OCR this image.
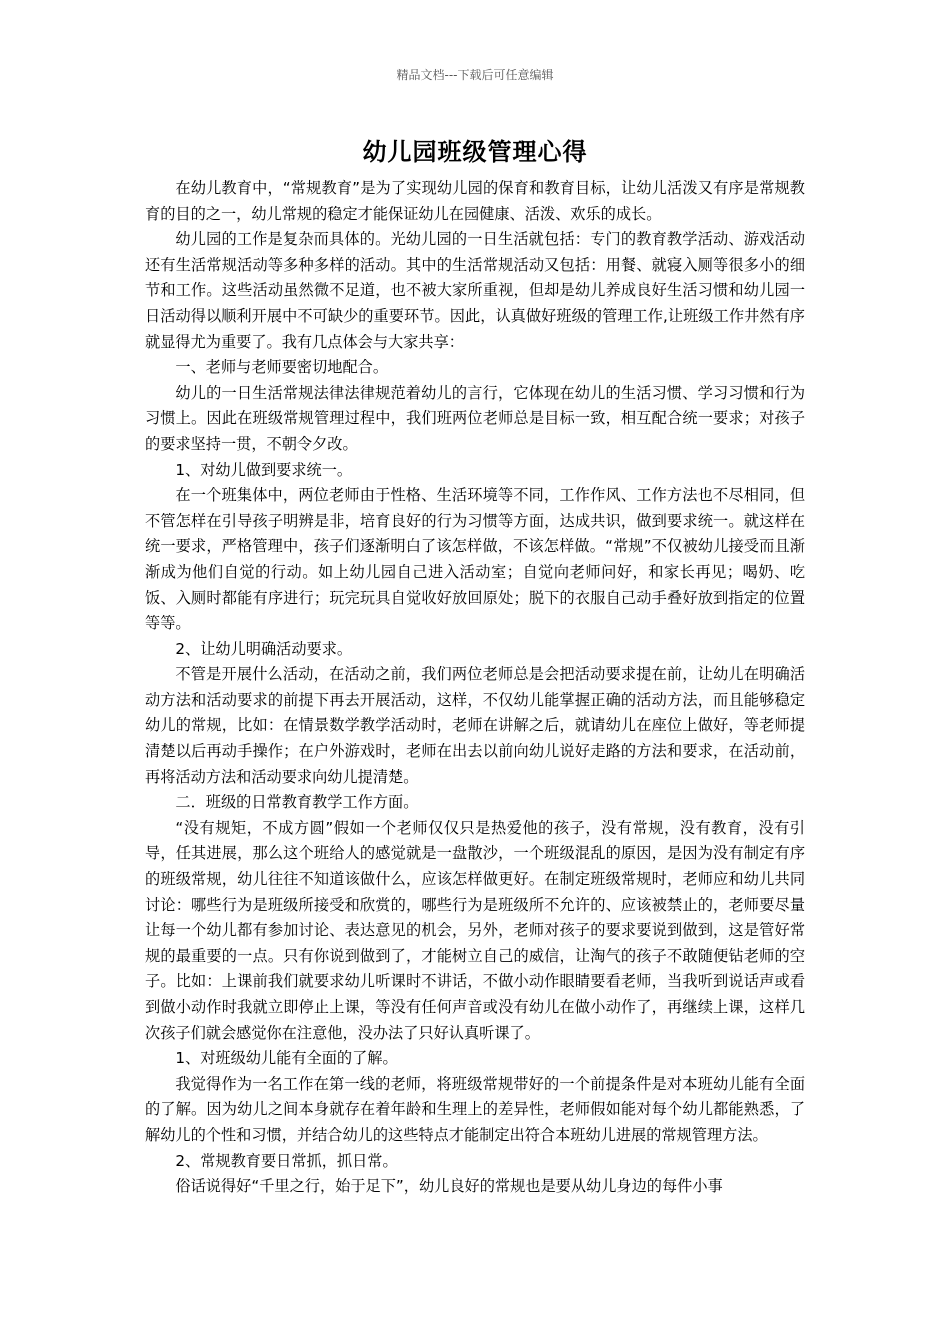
精品文档---下载后可任意编辑
幼儿园班级管理心得

在幼儿教育中，“常规教育”是为了实现幼儿园的保育和教育目标，让幼儿活泼又有序是常规教育的目的之一，幼儿常规的稳定才能保证幼儿在园健康、活泼、欢乐的成长。

幼儿园的工作是复杂而具体的。光幼儿园的一日生活就包括：专门的教育教学活动、游戏活动还有生活常规活动等多种多样的活动。其中的生活常规活动又包括：用餐、就寝入厕等很多小的细节和工作。这些活动虽然微不足道，也不被大家所重视，但却是幼儿养成良好生活习惯和幼儿园一日活动得以顺利开展中不可缺少的重要环节。因此，认真做好班级的管理工作,让班级工作井然有序就显得尤为重要了。我有几点体会与大家共享：

一、老师与老师要密切地配合。

幼儿的一日生活常规法律法律规范着幼儿的言行，它体现在幼儿的生活习惯、学习习惯和行为习惯上。因此在班级常规管理过程中，我们班两位老师总是目标一致，相互配合统一要求；对孩子的要求坚持一贯，不朝令夕改。

1、对幼儿做到要求统一。

在一个班集体中，两位老师由于性格、生活环境等不同，工作作风、工作方法也不尽相同，但不管怎样在引导孩子明辨是非，培育良好的行为习惯等方面，达成共识，做到要求统一。就这样在统一要求，严格管理中，孩子们逐渐明白了该怎样做，不该怎样做。“常规”不仅被幼儿接受而且渐渐成为他们自觉的行动。如上幼儿园自己进入活动室；自觉向老师问好，和家长再见；喝奶、吃饭、入厕时都能有序进行；玩完玩具自觉收好放回原处；脱下的衣服自己动手叠好放到指定的位置等等。

2、让幼儿明确活动要求。

不管是开展什么活动，在活动之前，我们两位老师总是会把活动要求提在前，让幼儿在明确活动方法和活动要求的前提下再去开展活动，这样，不仅幼儿能掌握正确的活动方法，而且能够稳定幼儿的常规，比如：在情景数学教学活动时，老师在讲解之后，就请幼儿在座位上做好，等老师提清楚以后再动手操作；在户外游戏时，老师在出去以前向幼儿说好走路的方法和要求，在活动前，再将活动方法和活动要求向幼儿提清楚。

二．班级的日常教育教学工作方面。

“没有规矩，不成方圆”假如一个老师仅仅只是热爱他的孩子，没有常规，没有教育，没有引导，任其进展，那么这个班给人的感觉就是一盘散沙，一个班级混乱的原因，是因为没有制定有序的班级常规，幼儿往往不知道该做什么，应该怎样做更好。在制定班级常规时，老师应和幼儿共同讨论：哪些行为是班级所接受和欣赏的，哪些行为是班级所不允许的、应该被禁止的，老师要尽量让每一个幼儿都有参加讨论、表达意见的机会，另外，老师对孩子的要求要说到做到，这是管好常规的最重要的一点。只有你说到做到了，才能树立自己的威信，让淘气的孩子不敢随便钻老师的空子。比如：上课前我们就要求幼儿听课时不讲话，不做小动作眼睛要看老师，当我听到说话声或看到做小动作时我就立即停止上课，等没有任何声音或没有幼儿在做小动作了，再继续上课，这样几次孩子们就会感觉你在注意他，没办法了只好认真听课了。

1、对班级幼儿能有全面的了解。

我觉得作为一名工作在第一线的老师，将班级常规带好的一个前提条件是对本班幼儿能有全面的了解。因为幼儿之间本身就存在着年龄和生理上的差异性，老师假如能对每个幼儿都能熟悉，了解幼儿的个性和习惯，并结合幼儿的这些特点才能制定出符合本班幼儿进展的常规管理方法。

2、常规教育要日常抓，抓日常。

俗话说得好“千里之行，始于足下”，幼儿良好的常规也是要从幼儿身边的每件小事
